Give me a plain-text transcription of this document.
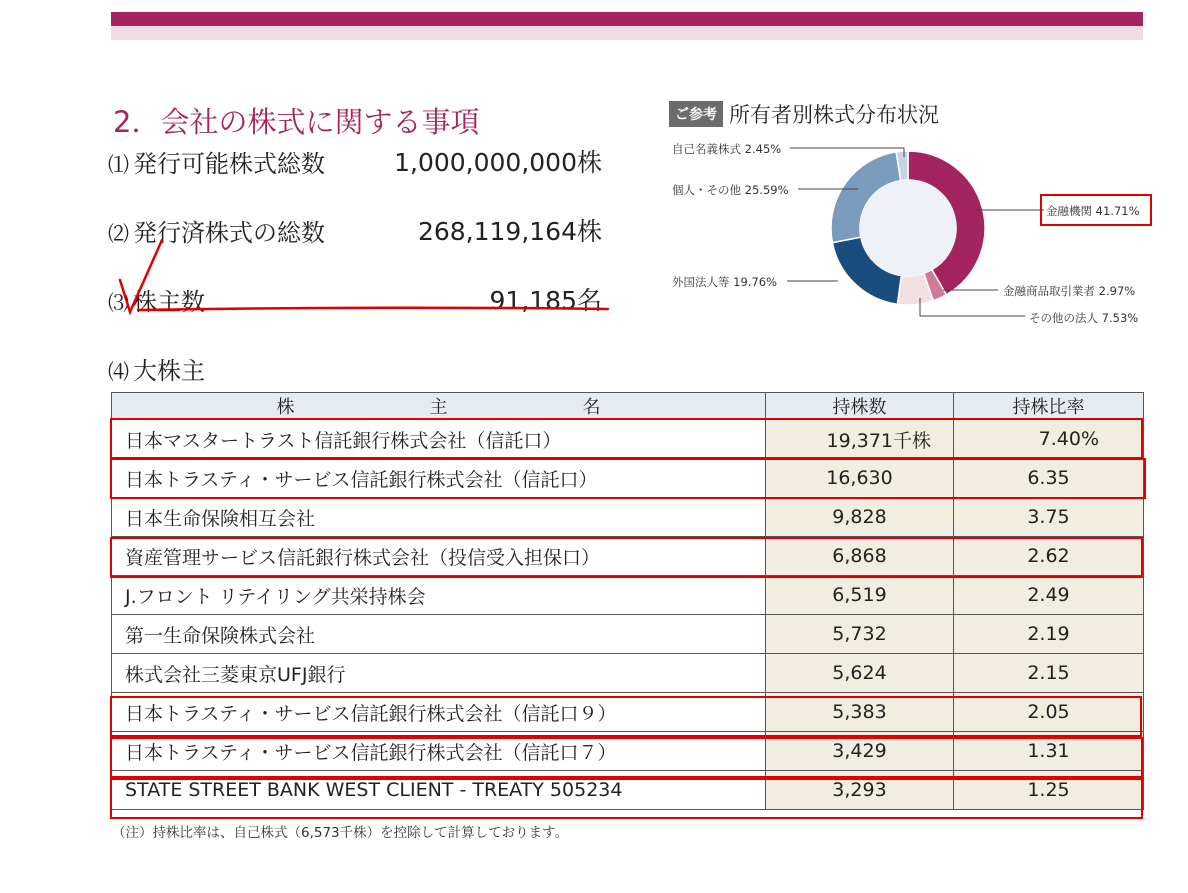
2．会社の株式に関する事項
⑴ 発行可能株式総数	1,000,000,000株
⑵ 発行済株式の総数	268,119,164株
⑶ 株主数	91,185名
⑷ 大株主
ご参考 所有者別株式分布状況
自己名義株式 2.45%
個人・その他 25.59%
金融機関 41.71%
外国法人等 19.76%
金融商品取引業者 2.97%
その他の法人 7.53%
株 主 名	持株数	持株比率
日本マスタートラスト信託銀行株式会社（信託口）	19,371千株	7.40%
日本トラスティ・サービス信託銀行株式会社（信託口）	16,630	6.35
日本生命保険相互会社	9,828	3.75
資産管理サービス信託銀行株式会社（投信受入担保口）	6,868	2.62
J.フロント リテイリング共栄持株会	6,519	2.49
第一生命保険株式会社	5,732	2.19
株式会社三菱東京UFJ銀行	5,624	2.15
日本トラスティ・サービス信託銀行株式会社（信託口９）	5,383	2.05
日本トラスティ・サービス信託銀行株式会社（信託口７）	3,429	1.31
STATE STREET BANK WEST CLIENT - TREATY 505234	3,293	1.25
（注）持株比率は、自己株式（6,573千株）を控除して計算しております。
